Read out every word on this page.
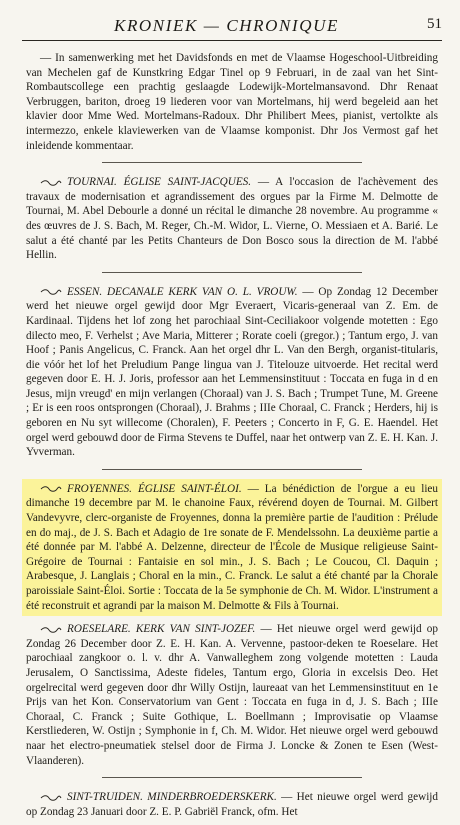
KRONIEK — CHRONIQUE	51

— In samenwerking met het Davidsfonds en met de Vlaamse Hogeschool-Uitbreiding van Mechelen gaf de Kunstkring Edgar Tinel op 9 Februari, in de zaal van het Sint-Rombautscollege een prachtig geslaagde Lodewijk-Mortelmansavond. Dhr Renaat Verbruggen, bariton, droeg 19 liederen voor van Mortelmans, hij werd begeleid aan het klavier door Mme Wed. Mortelmans-Radoux. Dhr Philibert Mees, pianist, vertolkte als intermezzo, enkele klaviewerken van de Vlaamse komponist. Dhr Jos Vermost gaf het inleidende kommentaar.

TOURNAI. ÉGLISE SAINT-JACQUES. — A l'occasion de l'achèvement des travaux de modernisation et agrandissement des orgues par la Firme M. Delmotte de Tournai, M. Abel Debourle a donné un récital le dimanche 28 novembre. Au programme « des œuvres de J. S. Bach, M. Reger, Ch.-M. Widor, L. Vierne, O. Messiaen et A. Barié. Le salut a été chanté par les Petits Chanteurs de Don Bosco sous la direction de M. l'abbé Hellin.

ESSEN. DECANALE KERK VAN O. L. VROUW. — Op Zondag 12 December werd het nieuwe orgel gewijd door Mgr Everaert, Vicaris-generaal van Z. Em. de Kardinaal. Tijdens het lof zong het parochiaal Sint-Ceciliakoor volgende motetten : Ego dilecto meo, F. Verhelst ; Ave Maria, Mitterer ; Rorate coeli (gregor.) ; Tantum ergo, J. van Hoof ; Panis Angelicus, C. Franck. Aan het orgel dhr L. Van den Bergh, organist-titularis, die vóór het lof het Preludium Pange lingua van J. Titelouze uitvoerde. Het recital werd gegeven door E. H. J. Joris, professor aan het Lemmensinstituut : Toccata en fuga in d en Jesus, mijn vreugd' en mijn verlangen (Choraal) van J. S. Bach ; Trumpet Tune, M. Greene ; Er is een roos ontsprongen (Choraal), J. Brahms ; IIIe Choraal, C. Franck ; Herders, hij is geboren en Nu syt willecome (Choralen), F. Peeters ; Concerto in F, G. E. Haendel. Het orgel werd gebouwd door de Firma Stevens te Duffel, naar het ontwerp van Z. E. H. Kan. J. Yvverman.

FROYENNES. ÉGLISE SAINT-ÉLOI. — La bénédiction de l'orgue a eu lieu dimanche 19 decembre par M. le chanoine Faux, révérend doyen de Tournai. M. Gilbert Vandevyvre, clerc-organiste de Froyennes, donna la première partie de l'audition : Prélude en do maj., de J. S. Bach et Adagio de 1re sonate de F. Mendelssohn. La deuxième partie a été donnée par M. l'abbé A. Delzenne, directeur de l'École de Musique religieuse Saint-Grégoire de Tournai : Fantaisie en sol min., J. S. Bach ; Le Coucou, Cl. Daquin ; Arabesque, J. Langlais ; Choral en la min., C. Franck. Le salut a été chanté par la Chorale paroissiale Saint-Éloi. Sortie : Toccata de la 5e symphonie de Ch. M. Widor. L'instrument a été reconstruit et agrandi par la maison M. Delmotte & Fils à Tournai.

ROESELARE. KERK VAN SINT-JOZEF. — Het nieuwe orgel werd gewijd op Zondag 26 December door Z. E. H. Kan. A. Vervenne, pastoor-deken te Roeselare. Het parochiaal zangkoor o. l. v. dhr A. Vanwalleghem zong volgende motetten : Lauda Jerusalem, O Sanctissima, Adeste fideles, Tantum ergo, Gloria in excelsis Deo. Het orgelrecital werd gegeven door dhr Willy Ostijn, laureaat van het Lemmensinstituut en 1e Prijs van het Kon. Conservatorium van Gent : Toccata en fuga in d, J. S. Bach ; IIIe Choraal, C. Franck ; Suite Gothique, L. Boellmann ; Improvisatie op Vlaamse Kerstliederen, W. Ostijn ; Symphonie in f, Ch. M. Widor. Het nieuwe orgel werd gebouwd naar het electro-pneumatiek stelsel door de Firma J. Loncke & Zonen te Esen (West-Vlaanderen).

SINT-TRUIDEN. MINDERBROEDERSKERK. — Het nieuwe orgel werd gewijd op Zondag 23 Januari door Z. E. P. Gabriël Franck, ofm. Het
